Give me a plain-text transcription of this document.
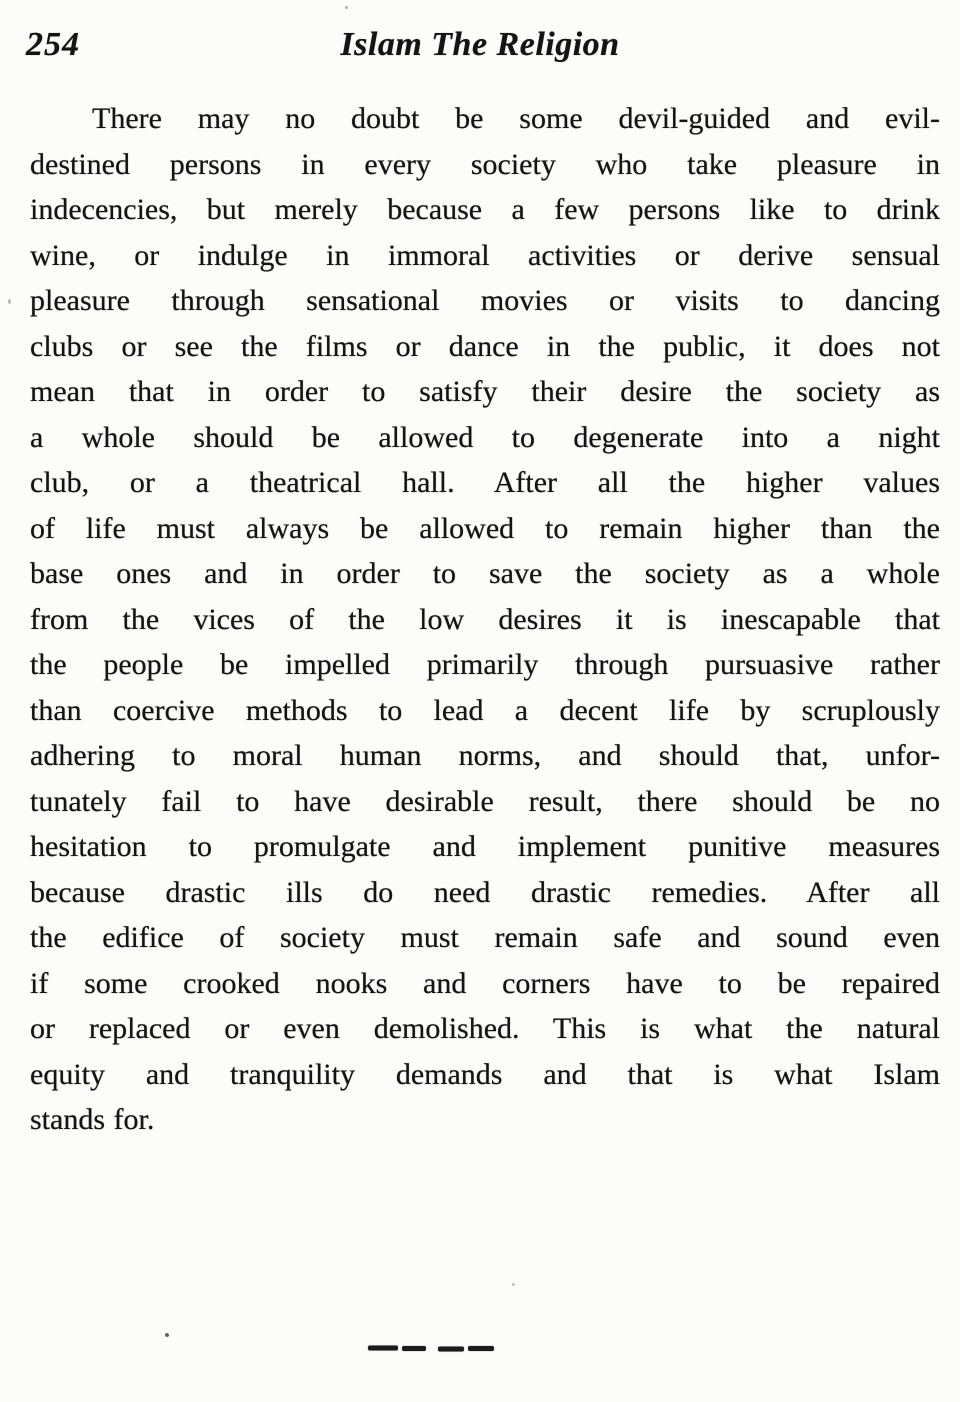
254	Islam The Religion
There may no doubt be some devil-guided and evil-
destined persons in every society who take pleasure in
indecencies, but merely because a few persons like to drink
wine, or indulge in immoral activities or derive sensual
pleasure through sensational movies or visits to dancing
clubs or see the films or dance in the public, it does not
mean that in order to satisfy their desire the society as
a whole should be allowed to degenerate into a night
club, or a theatrical hall. After all the higher values
of life must always be allowed to remain higher than the
base ones and in order to save the society as a whole
from the vices of the low desires it is inescapable that
the people be impelled primarily through pursuasive rather
than coercive methods to lead a decent life by scruplously
adhering to moral human norms, and should that, unfor-
tunately fail to have desirable result, there should be no
hesitation to promulgate and implement punitive measures
because drastic ills do need drastic remedies. After all
the edifice of society must remain safe and sound even
if some crooked nooks and corners have to be repaired
or replaced or even demolished. This is what the natural
equity and tranquility demands and that is what Islam
stands for.
